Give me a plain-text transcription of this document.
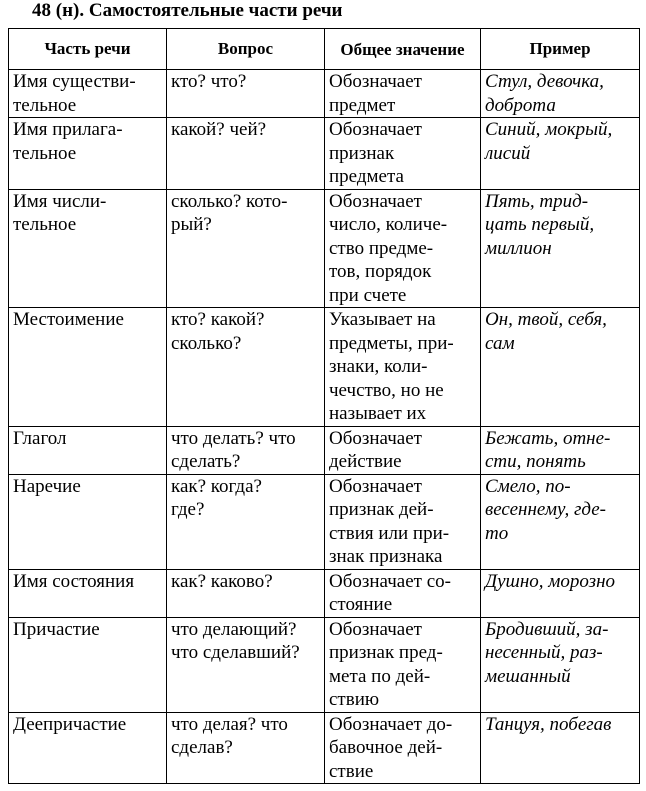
48 (н). Самостоятельные части речи
Часть речи	Вопрос	Общее значение	Пример

Имя существи-
тельное	кто? что?	Обозначает
предмет	Стул, девочка,
доброта

Имя прилага-
тельное	какой? чей?	Обозначает
признак
предмета	Синий, мокрый,
лисий

Имя числи-
тельное	сколько? кото-
рый?	Обозначает
число, количе-
ство предме-
тов, порядок
при счете	Пять, трид-
цать первый,
миллион

Местоимение	кто? какой?
сколько?	Указывает на
предметы, при-
знаки, коли-
чечство, но не
называет их	Он, твой, себя,
сам

Глагол	что делать? что
сделать?	Обозначает
действие	Бежать, отне-
сти, понять

Наречие	как? когда?
где?	Обозначает
признак дей-
ствия или при-
знак признака	Смело, по-
весеннему, где-
то

Имя состояния	как? каково?	Обозначает со-
стояние	Душно, морозно

Причастие	что делающий?
что сделавший?	Обозначает
признак пред-
мета по дей-
ствию	Бродивший, за-
несенный, раз-
мешанный

Деепричастие	что делая? что
сделав?	Обозначает до-
бавочное дей-
ствие	Танцуя, побегав
